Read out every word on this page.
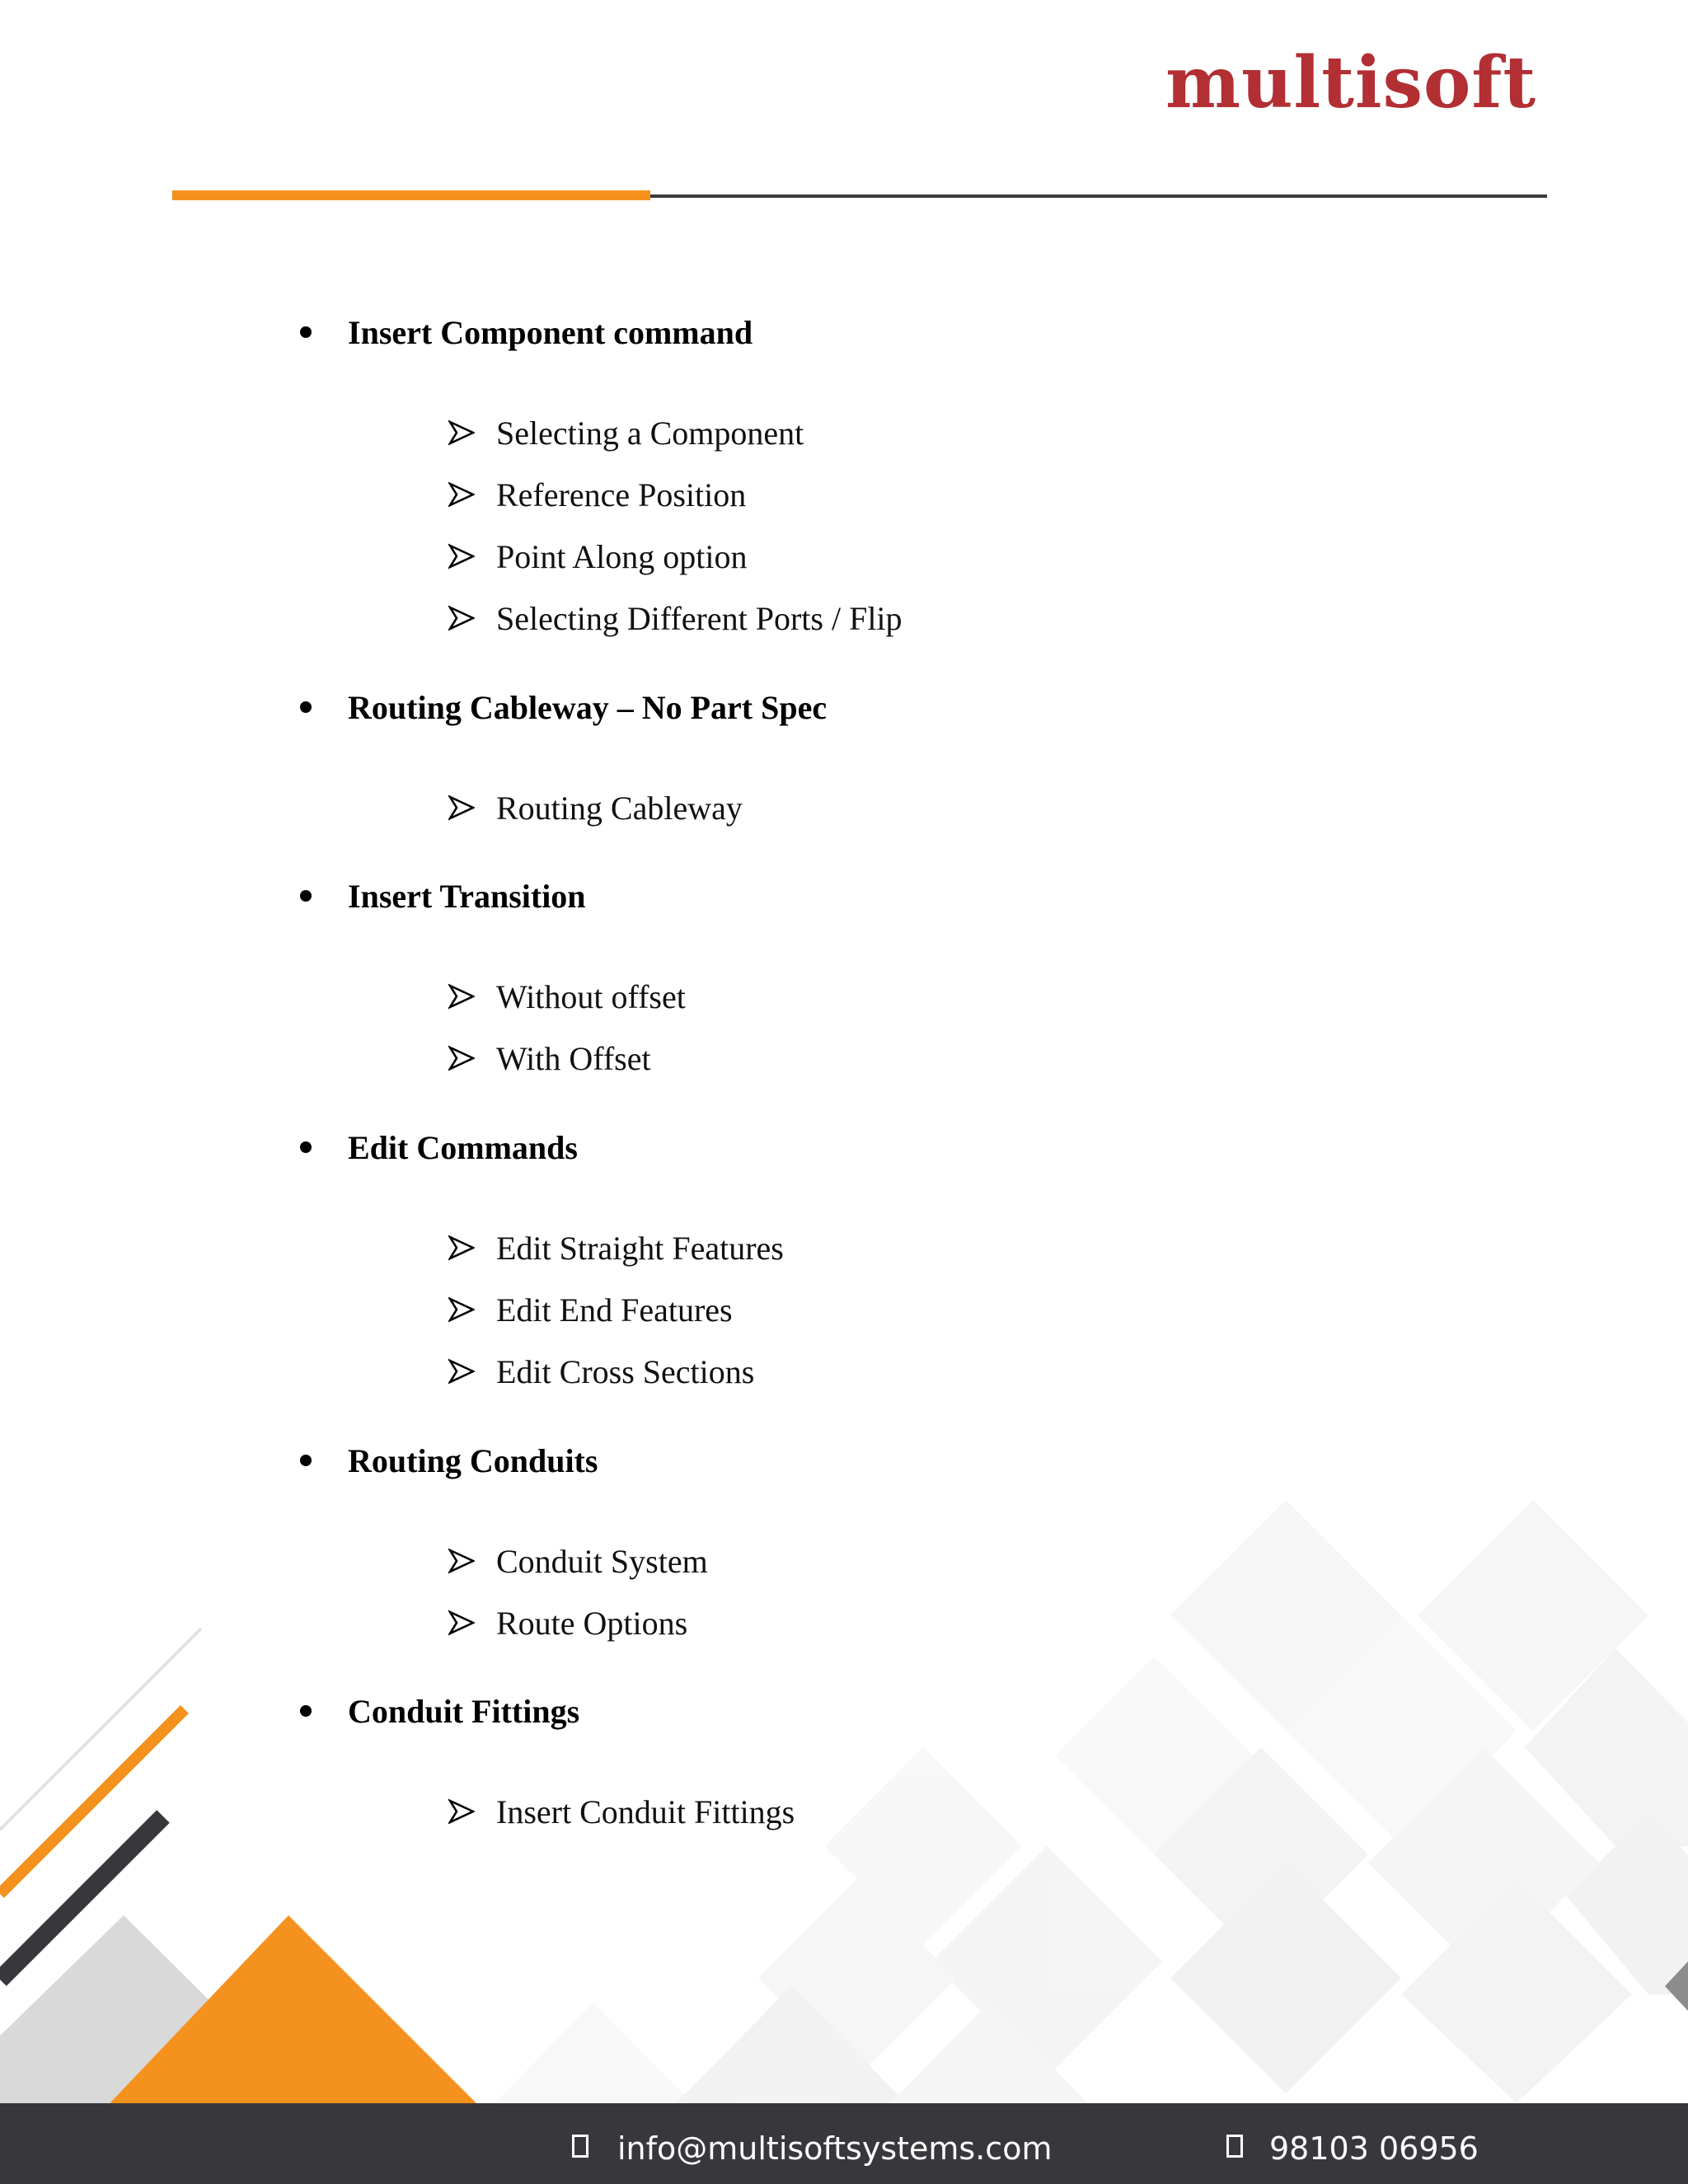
multisoft
Insert Component command
Selecting a Component
Reference Position
Point Along option
Selecting Different Ports / Flip
Routing Cableway – No Part Spec
Routing Cableway
Insert Transition
Without offset
With Offset
Edit Commands
Edit Straight Features
Edit End Features
Edit Cross Sections
Routing Conduits
Conduit System
Route Options
Conduit Fittings
Insert Conduit Fittings
info@multisoftsystems.com	98103 06956
